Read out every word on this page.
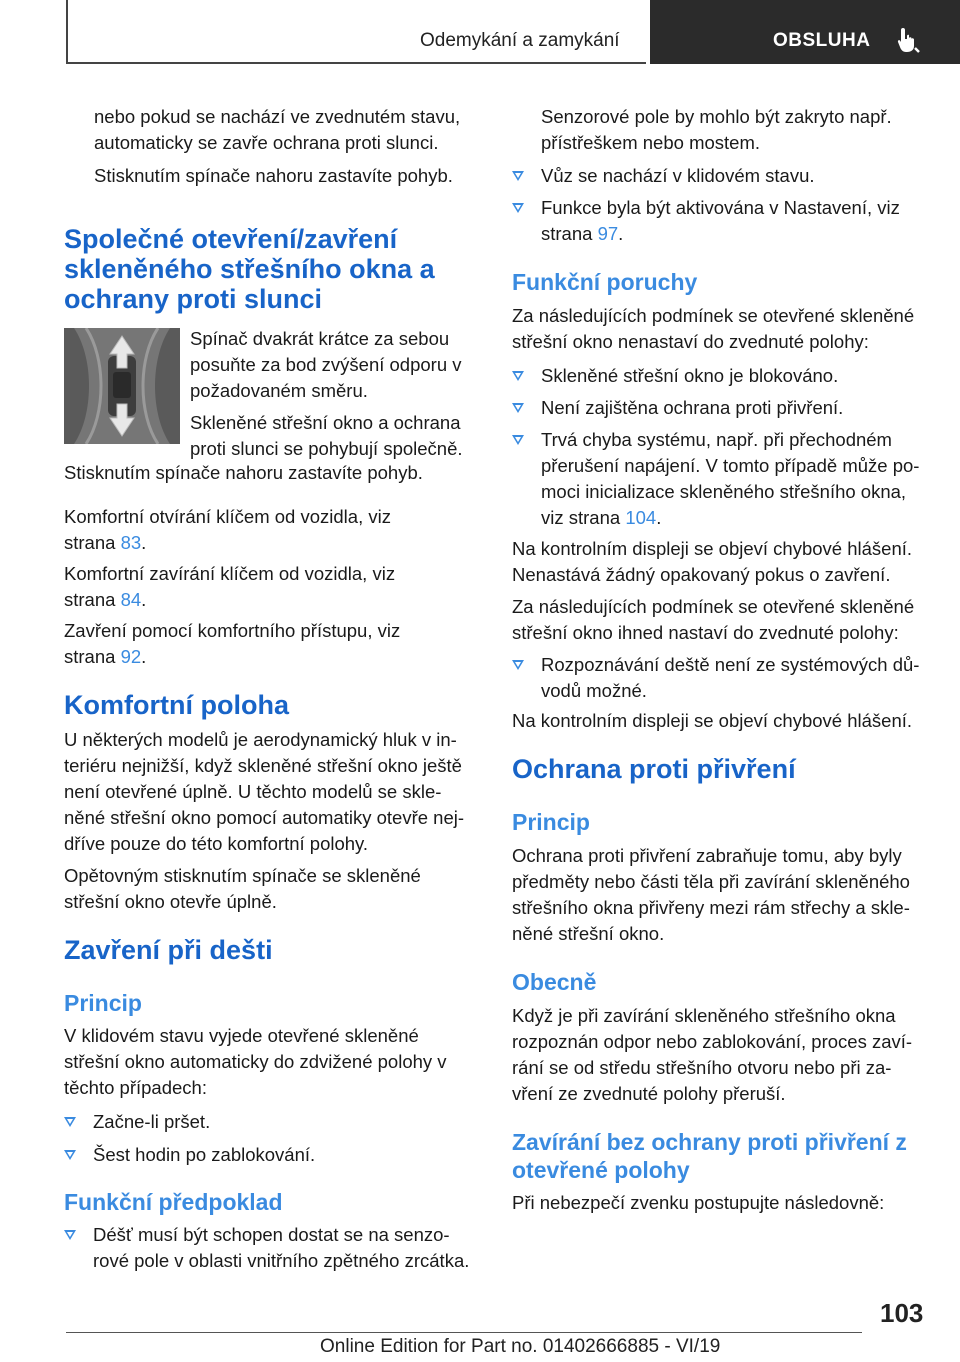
Odemykání a zamykání	OBSLUHA
nebo pokud se nachází ve zvednutém stavu,
automaticky se zavře ochrana proti slunci.
Stisknutím spínače nahoru zastavíte pohyb.
Společné otevření/zavření
skleněného střešního okna a
ochrany proti slunci
Spínač dvakrát krátce za sebou
posuňte za bod zvýšení odporu v
požadovaném směru.
Skleněné střešní okno a ochrana
proti slunci se pohybují společně.
Stisknutím spínače nahoru zastavíte pohyb.
Komfortní otvírání klíčem od vozidla, viz
strana 83.
Komfortní zavírání klíčem od vozidla, viz
strana 84.
Zavření pomocí komfortního přístupu, viz
strana 92.
Komfortní poloha
U některých modelů je aerodynamický hluk v in-
teriéru nejnižší, když skleněné střešní okno ještě
není otevřené úplně. U těchto modelů se skle-
něné střešní okno pomocí automatiky otevře nej-
dříve pouze do této komfortní polohy.
Opětovným stisknutím spínače se skleněné
střešní okno otevře úplně.
Zavření při dešti
Princip
V klidovém stavu vyjede otevřené skleněné
střešní okno automaticky do zdvižené polohy v
těchto případech:
Začne-li pršet.
Šest hodin po zablokování.
Funkční předpoklad
Déšť musí být schopen dostat se na senzo-
rové pole v oblasti vnitřního zpětného zrcátka.
Senzorové pole by mohlo být zakryto např.
přístřeškem nebo mostem.
Vůz se nachází v klidovém stavu.
Funkce byla být aktivována v Nastavení, viz
strana 97.
Funkční poruchy
Za následujících podmínek se otevřené skleněné
střešní okno nenastaví do zvednuté polohy:
Skleněné střešní okno je blokováno.
Není zajištěna ochrana proti přivření.
Trvá chyba systému, např. při přechodném
přerušení napájení. V tomto případě může po-
moci inicializace skleněného střešního okna,
viz strana 104.
Na kontrolním displeji se objeví chybové hlášení.
Nenastává žádný opakovaný pokus o zavření.
Za následujících podmínek se otevřené skleněné
střešní okno ihned nastaví do zvednuté polohy:
Rozpoznávání deště není ze systémových dů-
vodů možné.
Na kontrolním displeji se objeví chybové hlášení.
Ochrana proti přivření
Princip
Ochrana proti přivření zabraňuje tomu, aby byly
předměty nebo části těla při zavírání skleněného
střešního okna přivřeny mezi rám střechy a skle-
něné střešní okno.
Obecně
Když je při zavírání skleněného střešního okna
rozpoznán odpor nebo zablokování, proces zaví-
rání se od středu střešního otvoru nebo při za-
vření ze zvednuté polohy přeruší.
Zavírání bez ochrany proti přivření z
otevřené polohy
Při nebezpečí zvenku postupujte následovně:
103
Online Edition for Part no. 01402666885 - VI/19
